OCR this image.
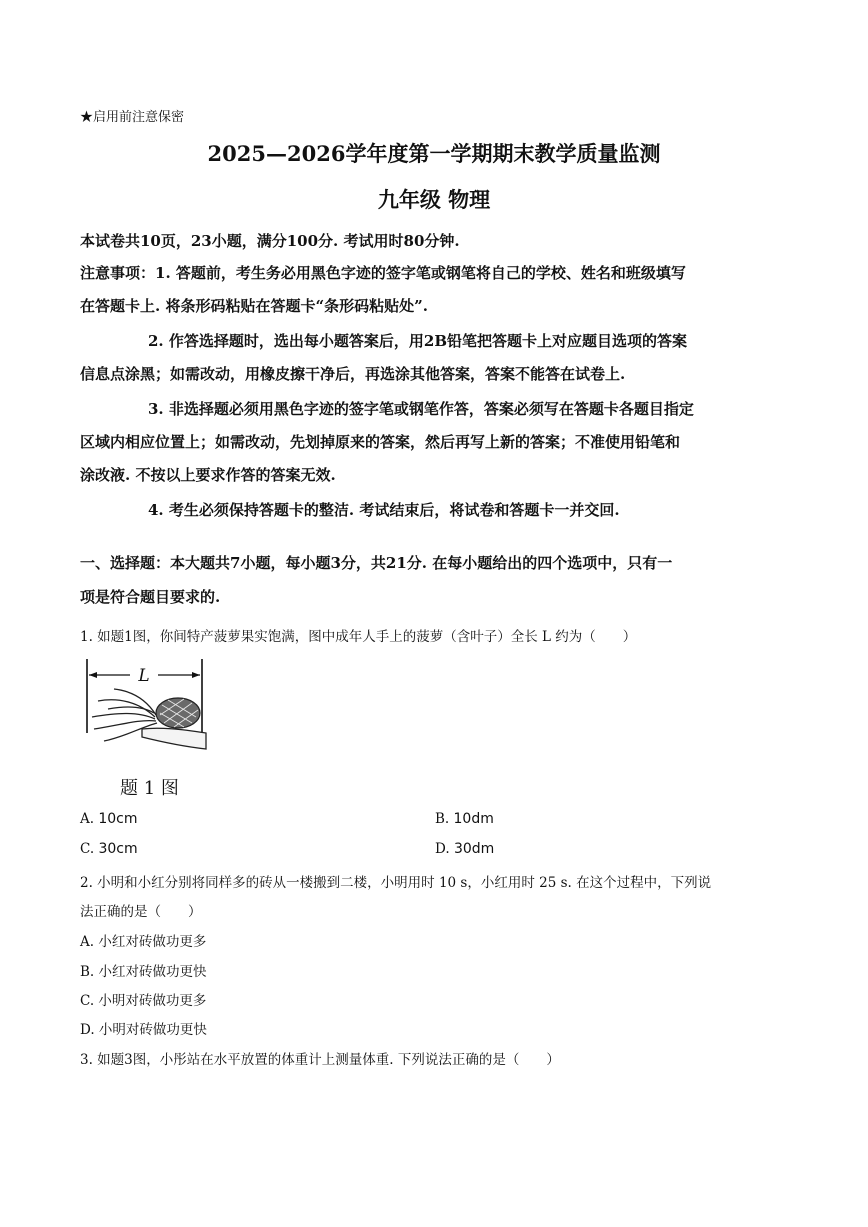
★启用前注意保密
2025—2026学年度第一学期期末教学质量监测
九年级 物理
本试卷共10页，23小题，满分100分. 考试用时80分钟.
注意事项：1. 答题前，考生务必用黑色字迹的签字笔或钢笔将自己的学校、姓名和班级填写
在答题卡上. 将条形码粘贴在答题卡“条形码粘贴处”.
2. 作答选择题时，选出每小题答案后，用2B铅笔把答题卡上对应题目选项的答案
信息点涂黑；如需改动，用橡皮擦干净后，再选涂其他答案，答案不能答在试卷上.
3. 非选择题必须用黑色字迹的签字笔或钢笔作答，答案必须写在答题卡各题目指定
区域内相应位置上；如需改动，先划掉原来的答案，然后再写上新的答案；不准使用铅笔和
涂改液. 不按以上要求作答的答案无效.
4. 考生必须保持答题卡的整洁. 考试结束后，将试卷和答题卡一并交回.
一、选择题：本大题共7小题，每小题3分，共21分. 在每小题给出的四个选项中，只有一
项是符合题目要求的.
1. 如题1图，你间特产菠萝果实饱满，图中成年人手上的菠萝（含叶子）全长 L 约为（　　）
L
题 1 图
A. 10cm	B. 10dm
C. 30cm	D. 30dm
2. 小明和小红分别将同样多的砖从一楼搬到二楼，小明用时 10 s，小红用时 25 s. 在这个过程中，下列说
法正确的是（　　）
A. 小红对砖做功更多
B. 小红对砖做功更快
C. 小明对砖做功更多
D. 小明对砖做功更快
3. 如题3图，小彤站在水平放置的体重计上测量体重. 下列说法正确的是（　　）
